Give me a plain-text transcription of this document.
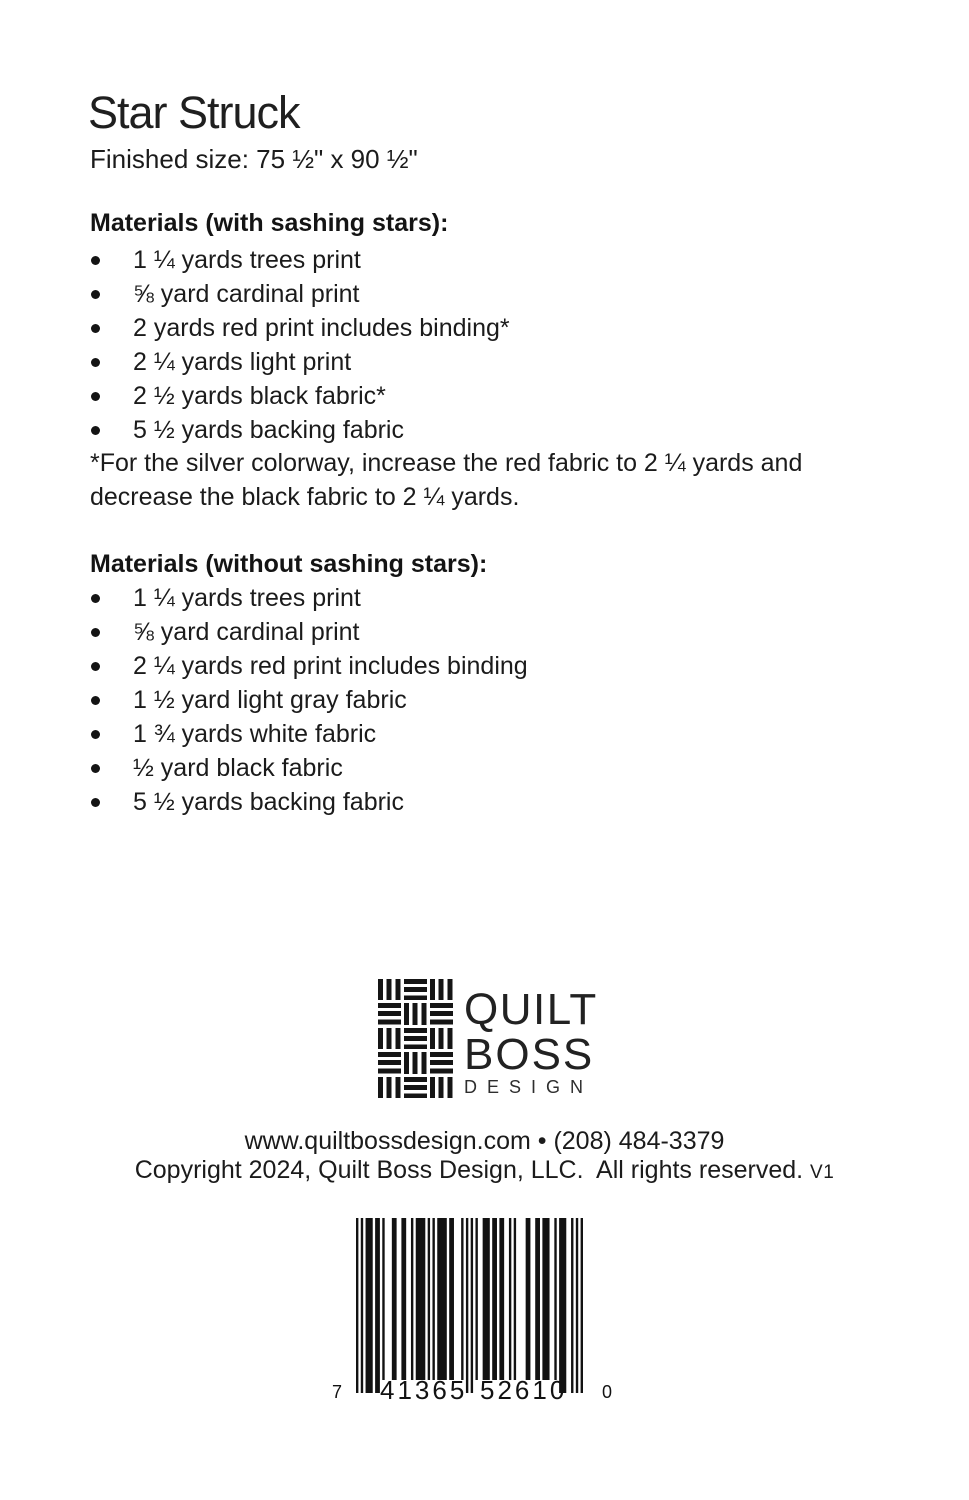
Star Struck
Finished size: 75 ½" x 90 ½"
Materials (with sashing stars):
1 ¼ yards trees print
⅝ yard cardinal print
2 yards red print includes binding*
2 ¼ yards light print
2 ½ yards black fabric*
5 ½ yards backing fabric
*For the silver colorway, increase the red fabric to 2 ¼ yards and
decrease the black fabric to 2 ¼ yards.
Materials (without sashing stars):
1 ¼ yards trees print
⅝ yard cardinal print
2 ¼ yards red print includes binding
1 ½ yard light gray fabric
1 ¾ yards white fabric
½ yard black fabric
5 ½ yards backing fabric
QUILT
BOSS
DESIGN
www.quiltbossdesign.com • (208) 484-3379
Copyright 2024, Quilt Boss Design, LLC.  All rights reserved. V1
7 41365 52610 0
